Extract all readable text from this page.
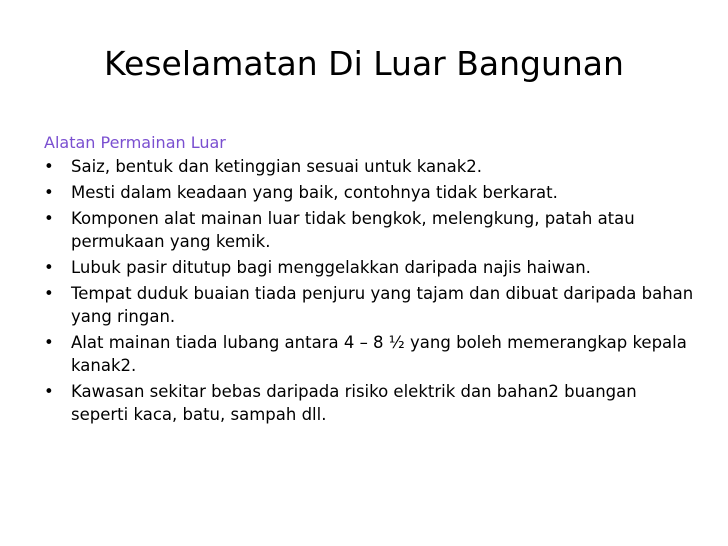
Keselamatan Di Luar Bangunan
Alatan Permainan Luar
•	Saiz, bentuk dan ketinggian sesuai untuk kanak2.
•	Mesti dalam keadaan yang baik, contohnya tidak berkarat.
•	Komponen alat mainan luar tidak bengkok, melengkung, patah atau permukaan yang kemik.
•	Lubuk pasir ditutup bagi menggelakkan daripada najis haiwan.
•	Tempat duduk buaian tiada penjuru yang tajam dan dibuat daripada bahan yang ringan.
•	Alat mainan tiada lubang antara 4 – 8 ½ yang boleh memerangkap kepala kanak2.
•	Kawasan sekitar bebas daripada risiko elektrik dan bahan2 buangan seperti kaca, batu, sampah dll.
